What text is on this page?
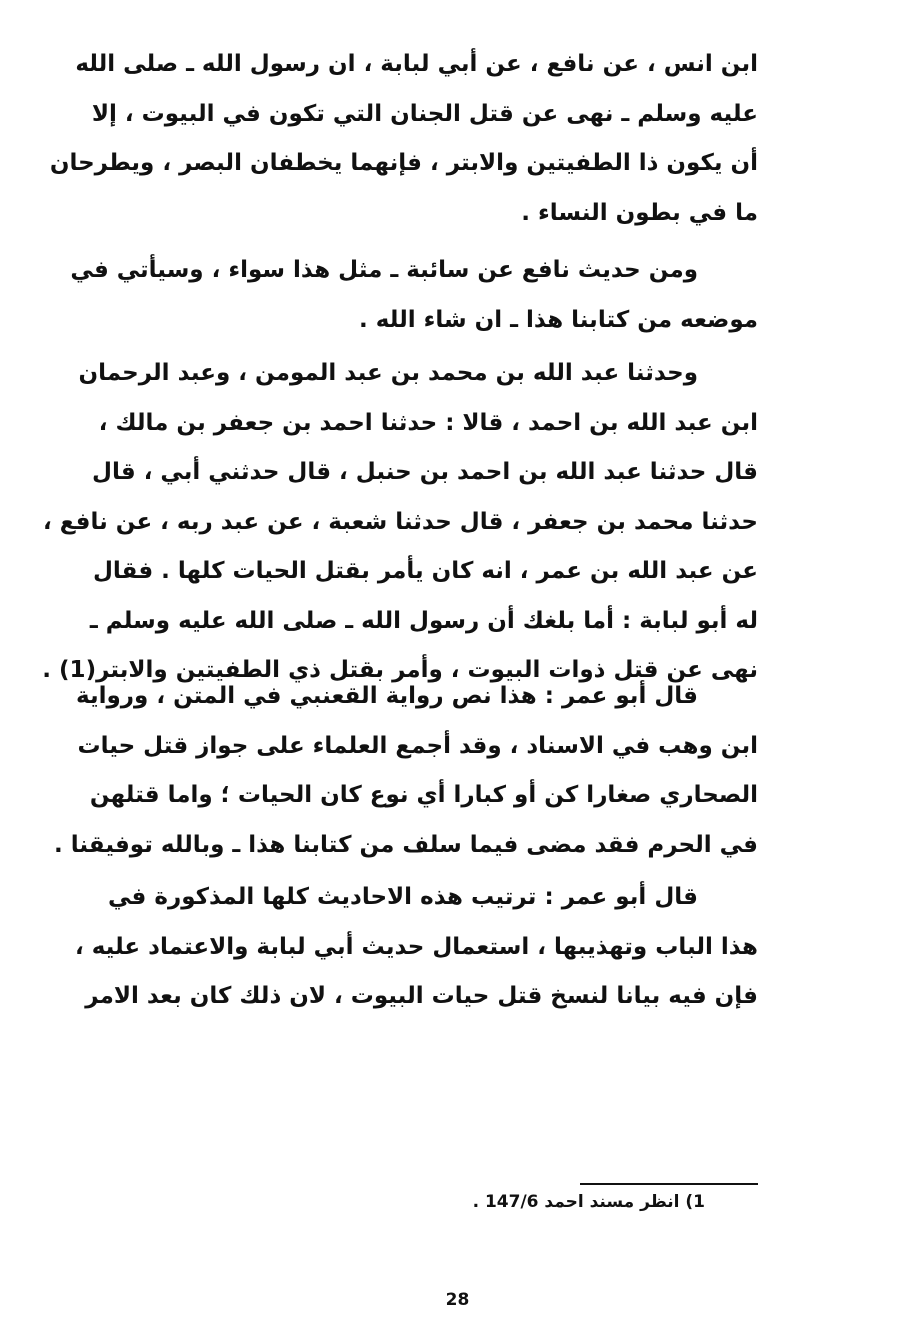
ابن انس ، عن نافع ، عن أبي لبابة ، ان رسول الله ـ صلى الله
عليه وسلم ـ نهى عن قتل الجنان التي تكون في البيوت ، إلا
أن يكون ذا الطفيتين والابتر ، فإنهما يخطفان البصر ، ويطرحان
ما في بطون النساء .

ومن حديث نافع عن سائبة ـ مثل هذا سواء ، وسيأتي في
موضعه من كتابنا هذا ـ ان شاء الله .

وحدثنا عبد الله بن محمد بن عبد المومن ، وعبد الرحمان
ابن عبد الله بن احمد ، قالا : حدثنا احمد بن جعفر بن مالك ،
قال حدثنا عبد الله بن احمد بن حنبل ، قال حدثني أبي ، قال
حدثنا محمد بن جعفر ، قال حدثنا شعبة ، عن عبد ربه ، عن نافع ،
عن عبد الله بن عمر ، انه كان يأمر بقتل الحيات كلها . فقال
له أبو لبابة : أما بلغك أن رسول الله ـ صلى الله عليه وسلم ـ
نهى عن قتل ذوات البيوت ، وأمر بقتل ذي الطفيتين والابتر(1) .

قال أبو عمر : هذا نص رواية القعنبي في المتن ، ورواية
ابن وهب في الاسناد ، وقد أجمع العلماء على جواز قتل حيات
الصحاري صغارا كن أو كبارا أي نوع كان الحيات ؛ واما قتلهن
في الحرم فقد مضى فيما سلف من كتابنا هذا ـ وبالله توفيقنا .

قال أبو عمر : ترتيب هذه الاحاديث كلها المذكورة في
هذا الباب وتهذيبها ، استعمال حديث أبي لبابة والاعتماد عليه ،
فإن فيه بيانا لنسخ قتل حيات البيوت ، لان ذلك كان بعد الامر

1) انظر مسند احمد 147/6 .
28
